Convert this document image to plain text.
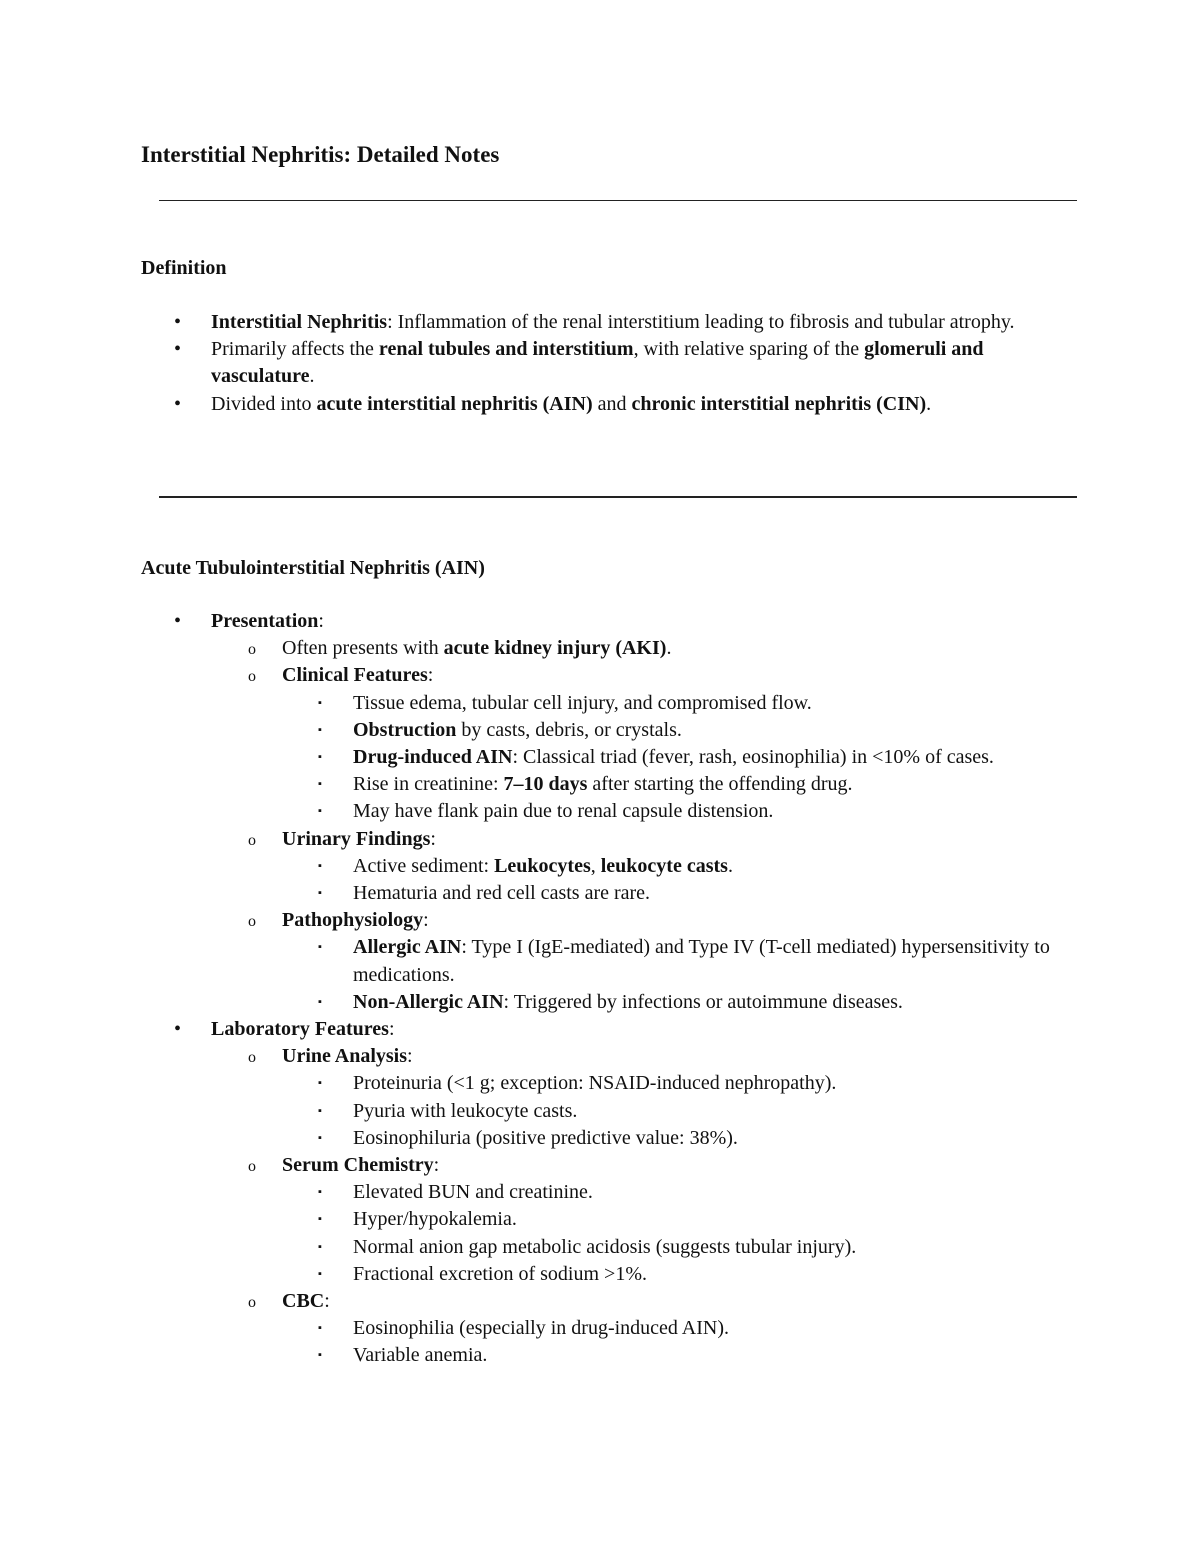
Interstitial Nephritis: Detailed Notes
Definition
• Interstitial Nephritis: Inflammation of the renal interstitium leading to fibrosis and tubular atrophy.
• Primarily affects the renal tubules and interstitium, with relative sparing of the glomeruli and vasculature.
• Divided into acute interstitial nephritis (AIN) and chronic interstitial nephritis (CIN).
Acute Tubulointerstitial Nephritis (AIN)
• Presentation:
o Often presents with acute kidney injury (AKI).
o Clinical Features:
▪ Tissue edema, tubular cell injury, and compromised flow.
▪ Obstruction by casts, debris, or crystals.
▪ Drug-induced AIN: Classical triad (fever, rash, eosinophilia) in <10% of cases.
▪ Rise in creatinine: 7–10 days after starting the offending drug.
▪ May have flank pain due to renal capsule distension.
o Urinary Findings:
▪ Active sediment: Leukocytes, leukocyte casts.
▪ Hematuria and red cell casts are rare.
o Pathophysiology:
▪ Allergic AIN: Type I (IgE-mediated) and Type IV (T-cell mediated) hypersensitivity to medications.
▪ Non-Allergic AIN: Triggered by infections or autoimmune diseases.
• Laboratory Features:
o Urine Analysis:
▪ Proteinuria (<1 g; exception: NSAID-induced nephropathy).
▪ Pyuria with leukocyte casts.
▪ Eosinophiluria (positive predictive value: 38%).
o Serum Chemistry:
▪ Elevated BUN and creatinine.
▪ Hyper/hypokalemia.
▪ Normal anion gap metabolic acidosis (suggests tubular injury).
▪ Fractional excretion of sodium >1%.
o CBC:
▪ Eosinophilia (especially in drug-induced AIN).
▪ Variable anemia.
